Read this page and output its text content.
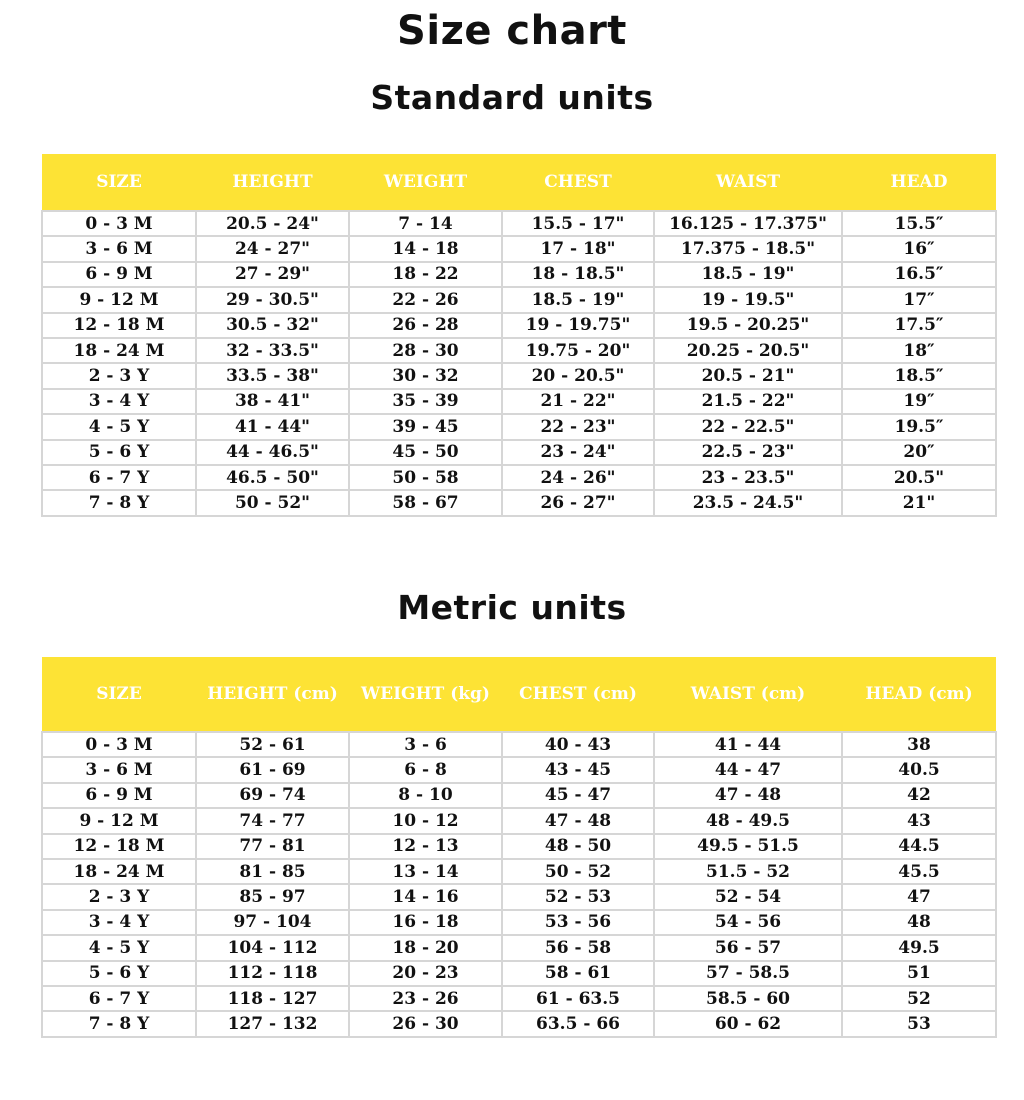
Size chart
Standard units
SIZE	HEIGHT	WEIGHT	CHEST	WAIST	HEAD
0 - 3 M	20.5 - 24"	7 - 14	15.5 - 17"	16.125 - 17.375"	15.5″
3 - 6 M	24 - 27"	14 - 18	17 - 18"	17.375 - 18.5"	16″
6 - 9 M	27 - 29"	18 - 22	18 - 18.5"	18.5 - 19"	16.5″
9 - 12 M	29 - 30.5"	22 - 26	18.5 - 19"	19 - 19.5"	17″
12 - 18 M	30.5 - 32"	26 - 28	19 - 19.75"	19.5 - 20.25"	17.5″
18 - 24 M	32 - 33.5"	28 - 30	19.75 - 20"	20.25 - 20.5"	18″
2 - 3 Y	33.5 - 38"	30 - 32	20 - 20.5"	20.5 - 21"	18.5″
3 - 4 Y	38 - 41"	35 - 39	21 - 22"	21.5 - 22"	19″
4 - 5 Y	41 - 44"	39 - 45	22 - 23"	22 - 22.5"	19.5″
5 - 6 Y	44 - 46.5"	45 - 50	23 - 24"	22.5 - 23"	20″
6 - 7 Y	46.5 - 50"	50 - 58	24 - 26"	23 - 23.5"	20.5"
7 - 8 Y	50 - 52"	58 - 67	26 - 27"	23.5 - 24.5"	21"
Metric units
SIZE	HEIGHT (cm)	WEIGHT (kg)	CHEST (cm)	WAIST (cm)	HEAD (cm)
0 - 3 M	52 - 61	3 - 6	40 - 43	41 - 44	38
3 - 6 M	61 - 69	6 - 8	43 - 45	44 - 47	40.5
6 - 9 M	69 - 74	8 - 10	45 - 47	47 - 48	42
9 - 12 M	74 - 77	10 - 12	47 - 48	48 - 49.5	43
12 - 18 M	77 - 81	12 - 13	48 - 50	49.5 - 51.5	44.5
18 - 24 M	81 - 85	13 - 14	50 - 52	51.5 - 52	45.5
2 - 3 Y	85 - 97	14 - 16	52 - 53	52 - 54	47
3 - 4 Y	97 - 104	16 - 18	53 - 56	54 - 56	48
4 - 5 Y	104 - 112	18 - 20	56 - 58	56 - 57	49.5
5 - 6 Y	112 - 118	20 - 23	58 - 61	57 - 58.5	51
6 - 7 Y	118 - 127	23 - 26	61 - 63.5	58.5 - 60	52
7 - 8 Y	127 - 132	26 - 30	63.5 - 66	60 - 62	53
